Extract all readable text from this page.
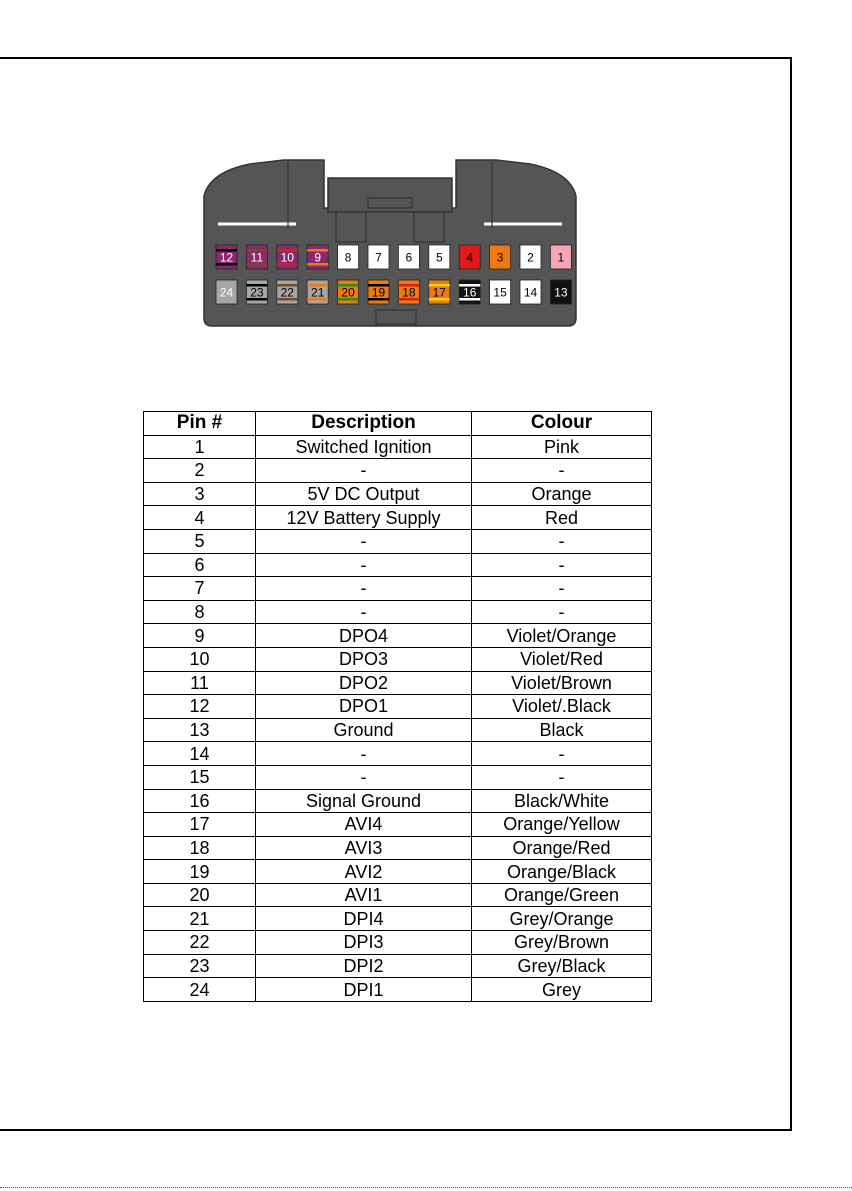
12 11 10 9 8 7 6 5 4 3 2 1
24 23 22 21 20 19 18 17 16 15 14 13
Pin #	Description	Colour
1	Switched Ignition	Pink
2	-	-
3	5V DC Output	Orange
4	12V Battery Supply	Red
5	-	-
6	-	-
7	-	-
8	-	-
9	DPO4	Violet/Orange
10	DPO3	Violet/Red
11	DPO2	Violet/Brown
12	DPO1	Violet/.Black
13	Ground	Black
14	-	-
15	-	-
16	Signal Ground	Black/White
17	AVI4	Orange/Yellow
18	AVI3	Orange/Red
19	AVI2	Orange/Black
20	AVI1	Orange/Green
21	DPI4	Grey/Orange
22	DPI3	Grey/Brown
23	DPI2	Grey/Black
24	DPI1	Grey
